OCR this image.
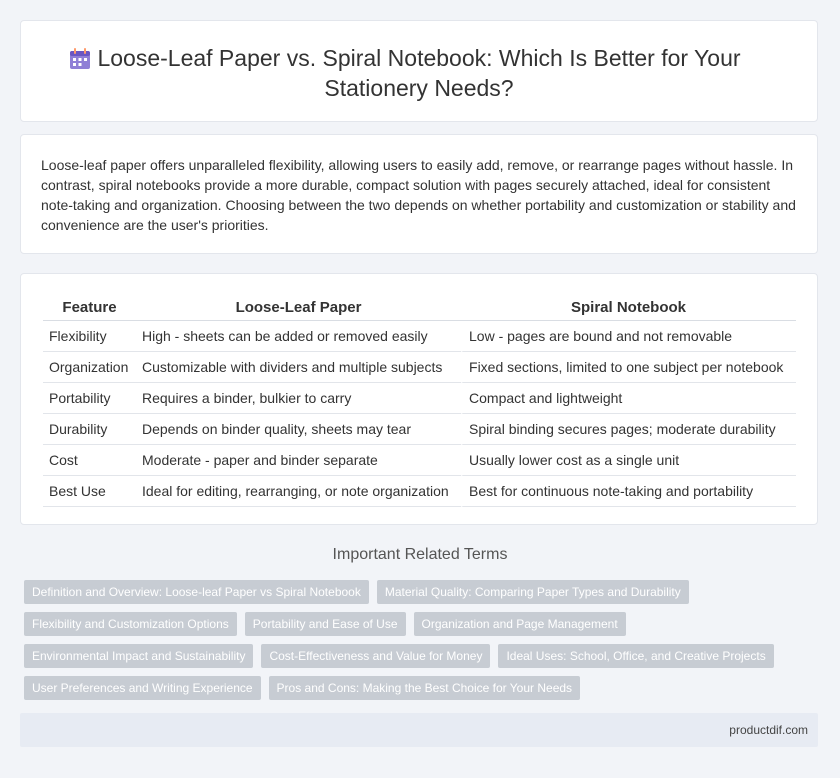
Loose-Leaf Paper vs. Spiral Notebook: Which Is Better for Your Stationery Needs?

Loose-leaf paper offers unparalleled flexibility, allowing users to easily add, remove, or rearrange pages without hassle. In contrast, spiral notebooks provide a more durable, compact solution with pages securely attached, ideal for consistent note-taking and organization. Choosing between the two depends on whether portability and customization or stability and convenience are the user's priorities.

Feature	Loose-Leaf Paper	Spiral Notebook
Flexibility	High - sheets can be added or removed easily	Low - pages are bound and not removable
Organization	Customizable with dividers and multiple subjects	Fixed sections, limited to one subject per notebook
Portability	Requires a binder, bulkier to carry	Compact and lightweight
Durability	Depends on binder quality, sheets may tear	Spiral binding secures pages; moderate durability
Cost	Moderate - paper and binder separate	Usually lower cost as a single unit
Best Use	Ideal for editing, rearranging, or note organization	Best for continuous note-taking and portability
Important Related Terms
Definition and Overview: Loose-leaf Paper vs Spiral Notebook	Material Quality: Comparing Paper Types and Durability
Flexibility and Customization Options	Portability and Ease of Use	Organization and Page Management
Environmental Impact and Sustainability	Cost-Effectiveness and Value for Money	Ideal Uses: School, Office, and Creative Projects
User Preferences and Writing Experience	Pros and Cons: Making the Best Choice for Your Needs
productdif.com
